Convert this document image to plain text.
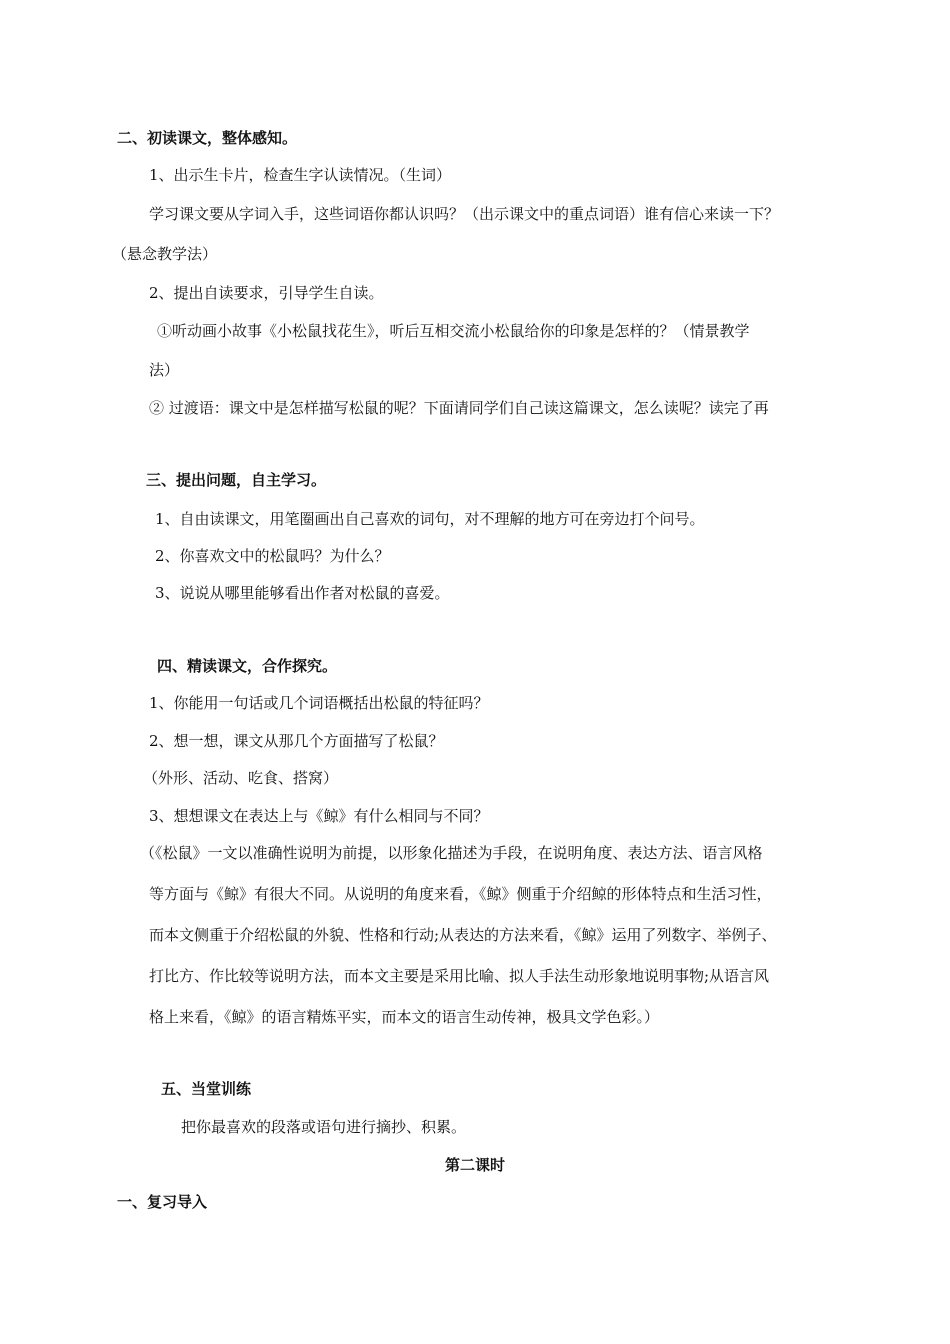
二、初读课文，整体感知。
1、出示生卡片，检查生字认读情况。（生词）
学习课文要从字词入手，这些词语你都认识吗？（出示课文中的重点词语）谁有信心来读一下？
（悬念教学法）
2、提出自读要求，引导学生自读。
①听动画小故事《小松鼠找花生》，听后互相交流小松鼠给你的印象是怎样的？（情景教学
法）
② 过渡语：课文中是怎样描写松鼠的呢？下面请同学们自己读这篇课文，怎么读呢？读完了再
三、提出问题，自主学习。
1、自由读课文，用笔圈画出自己喜欢的词句，对不理解的地方可在旁边打个问号。
2、你喜欢文中的松鼠吗？为什么？
3、说说从哪里能够看出作者对松鼠的喜爱。
四、精读课文，合作探究。
1、你能用一句话或几个词语概括出松鼠的特征吗？
2、想一想，课文从那几个方面描写了松鼠？
（外形、活动、吃食、搭窝）
3、想想课文在表达上与《鲸》有什么相同与不同？
（《松鼠》一文以准确性说明为前提，以形象化描述为手段，在说明角度、表达方法、语言风格
等方面与《鲸》有很大不同。从说明的角度来看，《鲸》侧重于介绍鲸的形体特点和生活习性，
而本文侧重于介绍松鼠的外貌、性格和行动;从表达的方法来看，《鲸》运用了列数字、举例子、
打比方、作比较等说明方法，而本文主要是采用比喻、拟人手法生动形象地说明事物;从语言风
格上来看，《鲸》的语言精炼平实，而本文的语言生动传神，极具文学色彩。）
五、当堂训练
把你最喜欢的段落或语句进行摘抄、积累。
第二课时
一、复习导入
